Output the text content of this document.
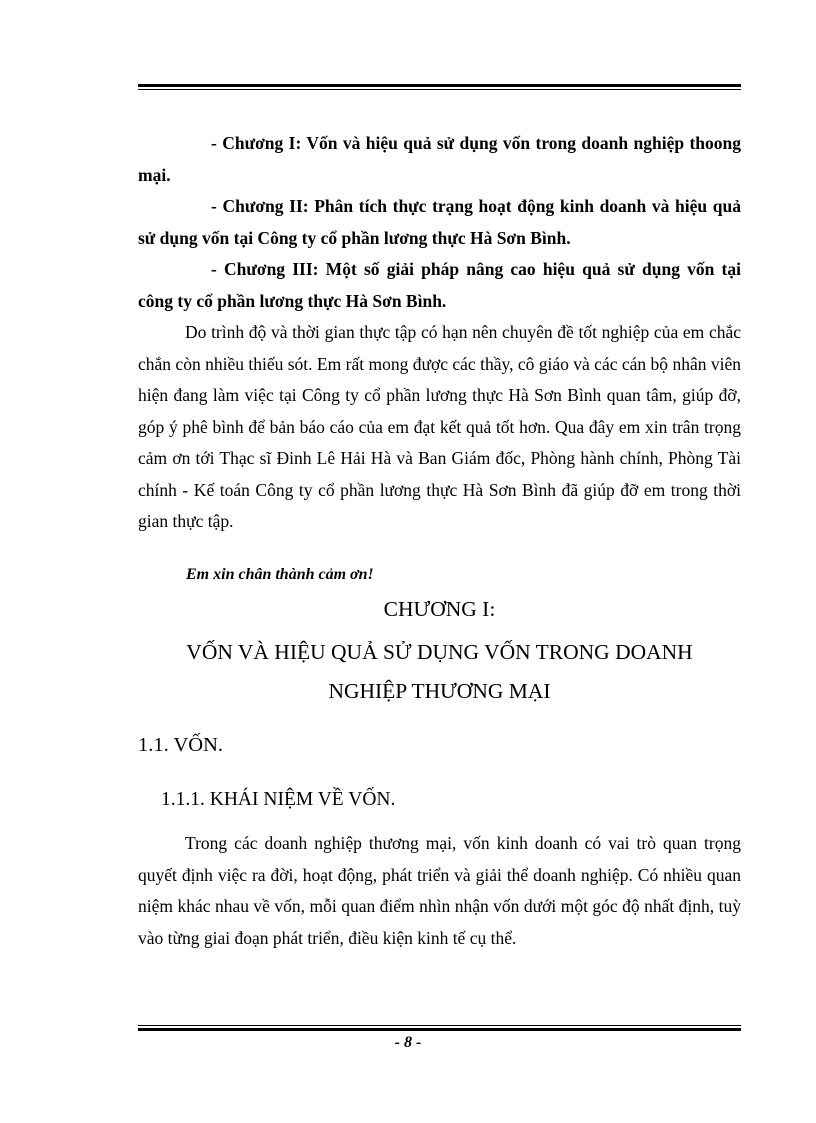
- Chương I: Vốn và hiệu quả sử dụng vốn trong doanh nghiệp thoong mại.

- Chương II: Phân tích thực trạng hoạt động kinh doanh và hiệu quả sử dụng vốn tại Công ty cổ phần lương thực Hà Sơn Bình.

- Chương III: Một số giải pháp nâng cao hiệu quả sử dụng vốn tại công ty cổ phần lương thực Hà Sơn Bình.

Do trình độ và thời gian thực tập có hạn nên chuyên đề tốt nghiệp của em chắc chắn còn nhiều thiếu sót. Em rất mong được các thầy, cô giáo và các cán bộ nhân viên hiện đang làm việc tại Công ty cổ phần lương thực Hà Sơn Bình quan tâm, giúp đỡ, góp ý phê bình để bản báo cáo của em đạt kết quả tốt hơn. Qua đây em xin trân trọng cảm ơn tới Thạc sĩ Đinh Lê Hải Hà và Ban Giám đốc, Phòng hành chính, Phòng Tài chính - Kế toán Công ty cổ phần lương thực Hà Sơn Bình đã giúp đỡ em trong thời gian thực tập.

Em xin chân thành cảm ơn!

CHƯƠNG I:
VỐN VÀ HIỆU QUẢ SỬ DỤNG VỐN TRONG DOANH
NGHIỆP THƯƠNG MẠI
1.1. VỐN.
1.1.1. KHÁI NIỆM VỀ VỐN.

Trong các doanh nghiệp thương mại, vốn kinh doanh có vai trò quan trọng quyết định việc ra đời, hoạt động, phát triển và giải thể doanh nghiệp. Có nhiều quan niệm khác nhau về vốn, mỗi quan điểm nhìn nhận vốn dưới một góc độ nhất định, tuỳ vào từng giai đoạn phát triển, điều kiện kinh tế cụ thể.

- 8 -
